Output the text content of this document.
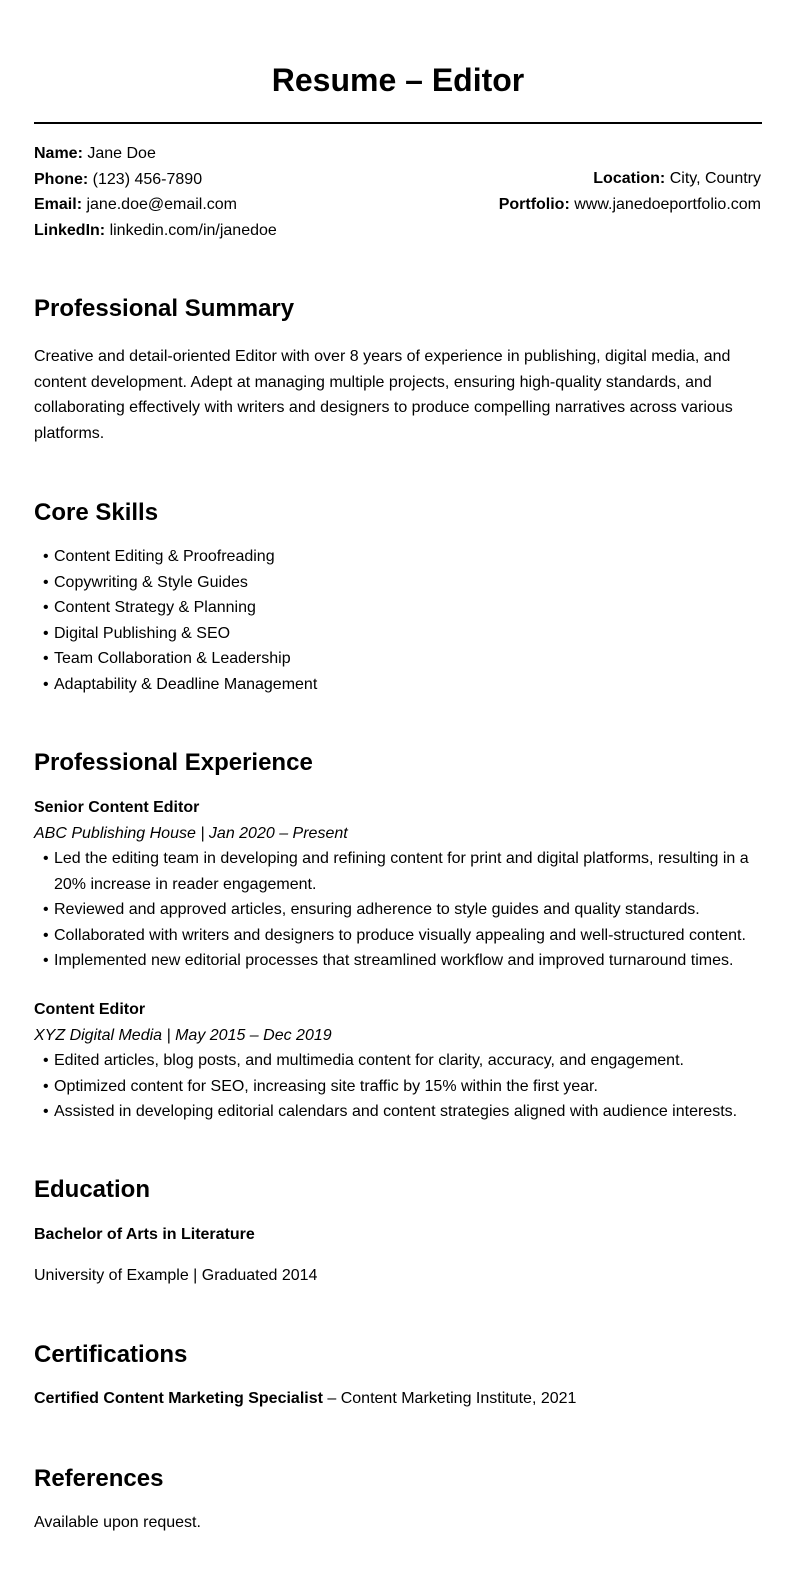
Resume – Editor
Name: Jane Doe
Phone: (123) 456-7890
Email: jane.doe@email.com
LinkedIn: linkedin.com/in/janedoe
Location: City, Country
Portfolio: www.janedoeportfolio.com
Professional Summary

Creative and detail-oriented Editor with over 8 years of experience in publishing, digital media, and content development. Adept at managing multiple projects, ensuring high-quality standards, and collaborating effectively with writers and designers to produce compelling narratives across various platforms.

Core Skills
• Content Editing & Proofreading
• Copywriting & Style Guides
• Content Strategy & Planning
• Digital Publishing & SEO
• Team Collaboration & Leadership
• Adaptability & Deadline Management
Professional Experience
Senior Content Editor
ABC Publishing House | Jan 2020 – Present
• Led the editing team in developing and refining content for print and digital platforms, resulting in a 20% increase in reader engagement.
• Reviewed and approved articles, ensuring adherence to style guides and quality standards.
• Collaborated with writers and designers to produce visually appealing and well-structured content.
• Implemented new editorial processes that streamlined workflow and improved turnaround times.
Content Editor
XYZ Digital Media | May 2015 – Dec 2019
• Edited articles, blog posts, and multimedia content for clarity, accuracy, and engagement.
• Optimized content for SEO, increasing site traffic by 15% within the first year.
• Assisted in developing editorial calendars and content strategies aligned with audience interests.
Education
Bachelor of Arts in Literature
University of Example | Graduated 2014
Certifications
Certified Content Marketing Specialist – Content Marketing Institute, 2021
References
Available upon request.
